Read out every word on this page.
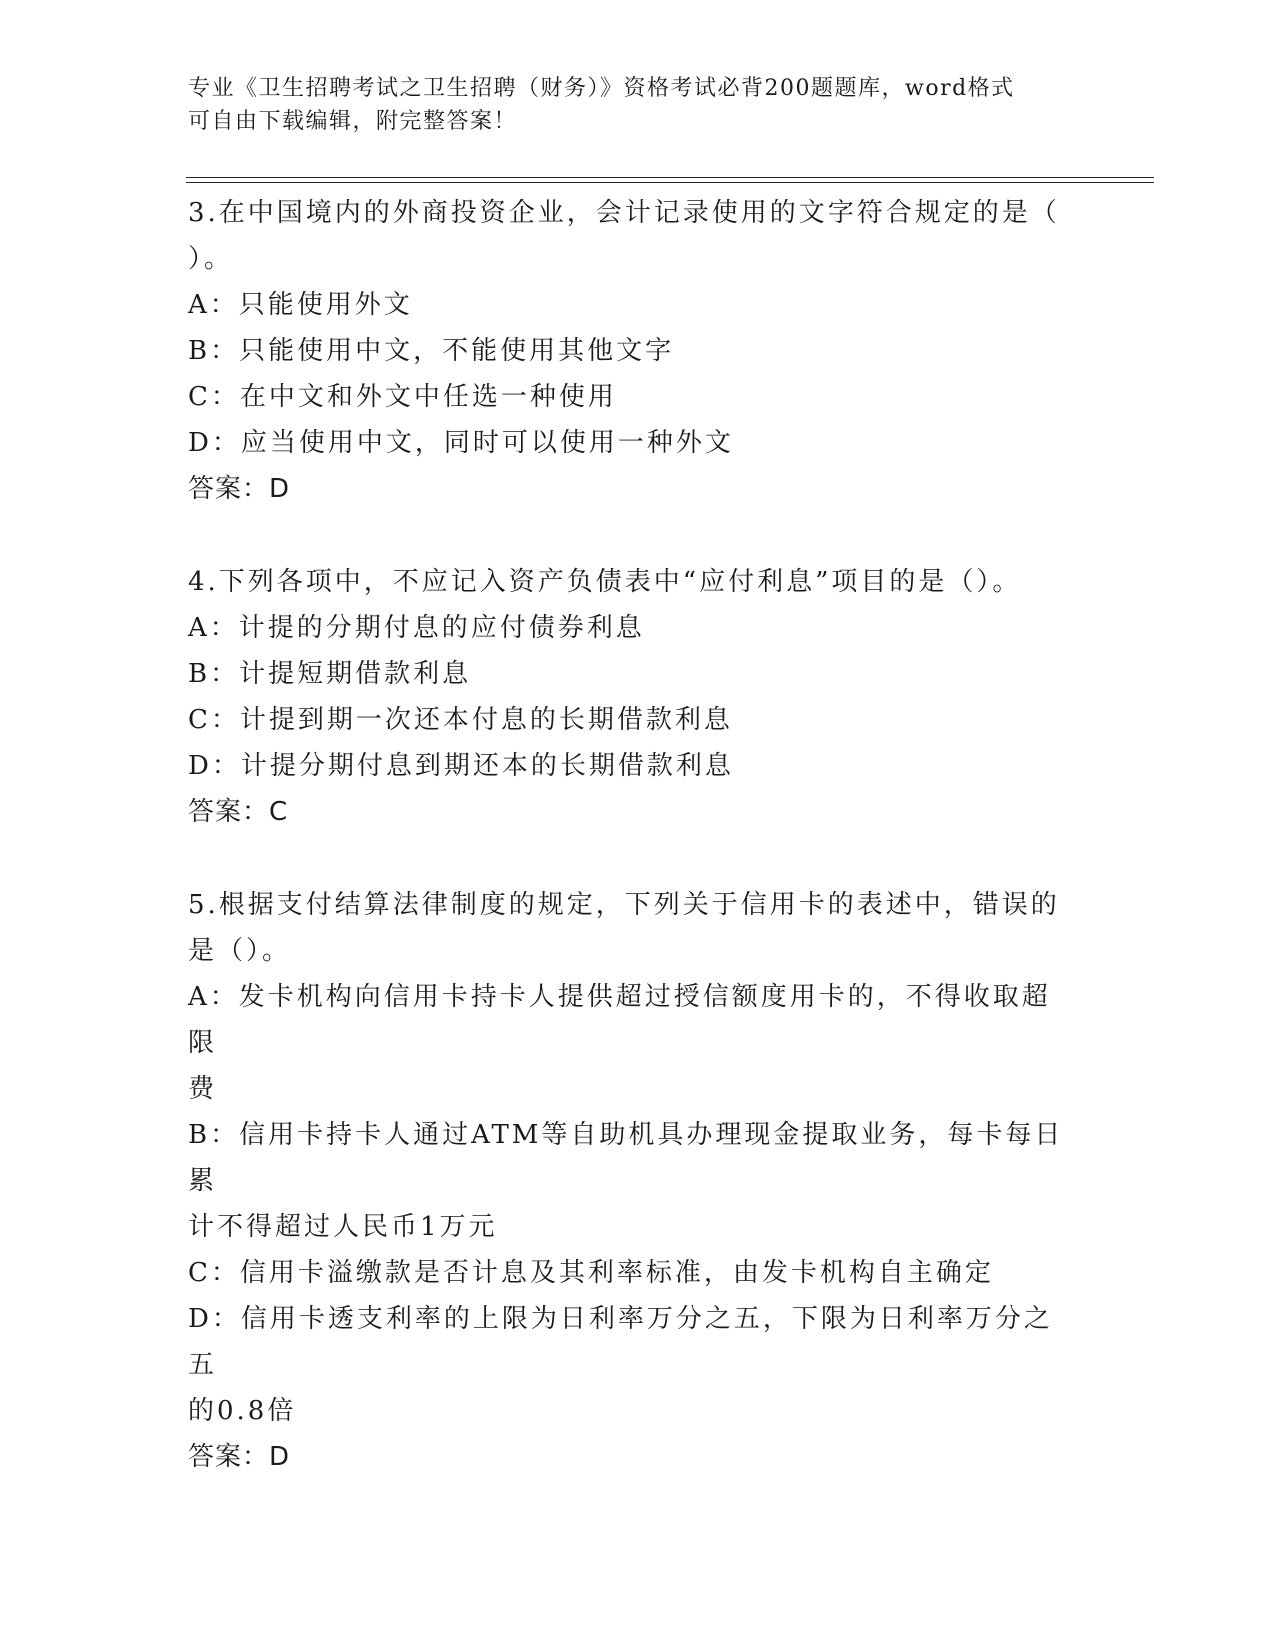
专业《卫生招聘考试之卫生招聘（财务）》资格考试必背200题题库，word格式
可自由下载编辑，附完整答案！
3.在中国境内的外商投资企业，会计记录使用的文字符合规定的是（
）。
A：只能使用外文
B：只能使用中文，不能使用其他文字
C：在中文和外文中任选一种使用
D：应当使用中文，同时可以使用一种外文
答案：D
4.下列各项中，不应记入资产负债表中“应付利息”项目的是（）。
A：计提的分期付息的应付债券利息
B：计提短期借款利息
C：计提到期一次还本付息的长期借款利息
D：计提分期付息到期还本的长期借款利息
答案：C
5.根据支付结算法律制度的规定，下列关于信用卡的表述中，错误的
是（）。
A：发卡机构向信用卡持卡人提供超过授信额度用卡的，不得收取超限
费
B：信用卡持卡人通过ATM等自助机具办理现金提取业务，每卡每日累
计不得超过人民币1万元
C：信用卡溢缴款是否计息及其利率标准，由发卡机构自主确定
D：信用卡透支利率的上限为日利率万分之五，下限为日利率万分之五
的0.8倍
答案：D
